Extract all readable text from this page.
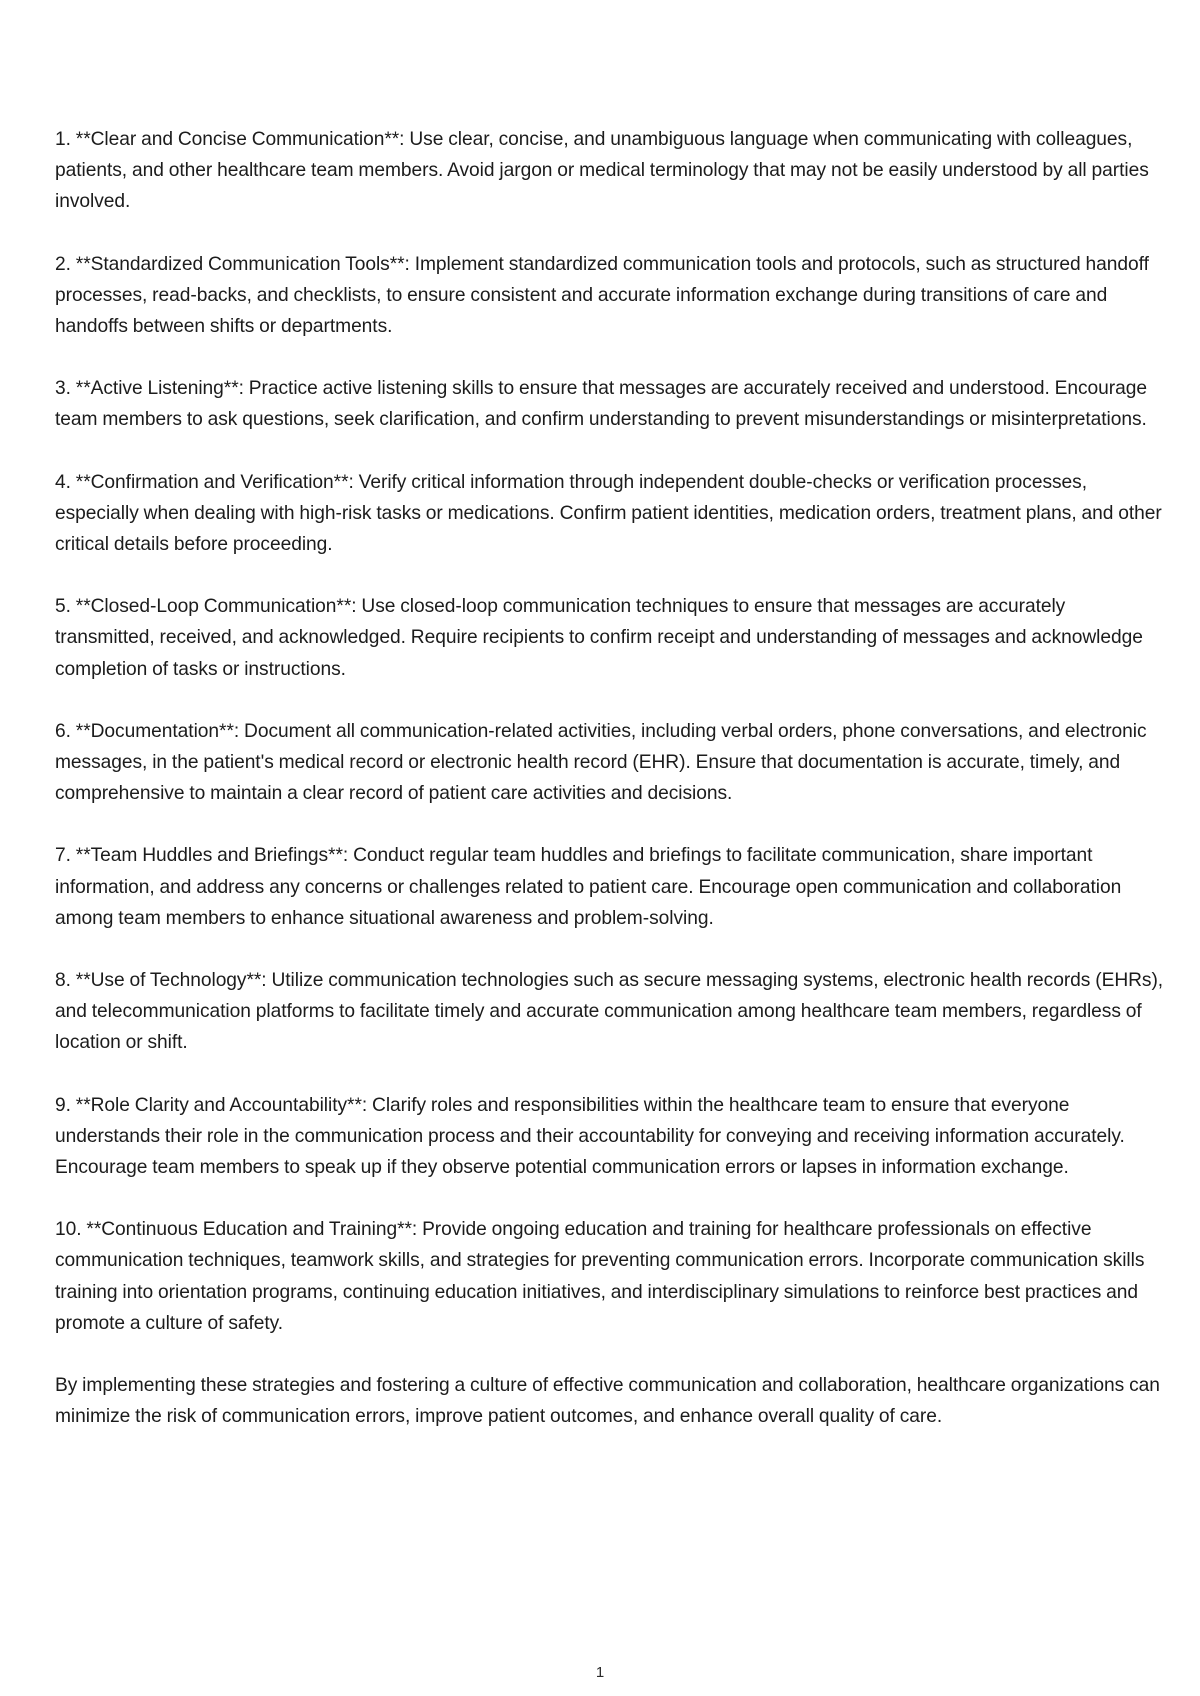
1. **Clear and Concise Communication**: Use clear, concise, and unambiguous language when communicating with colleagues, patients, and other healthcare team members. Avoid jargon or medical terminology that may not be easily understood by all parties involved.

2. **Standardized Communication Tools**: Implement standardized communication tools and protocols, such as structured handoff processes, read-backs, and checklists, to ensure consistent and accurate information exchange during transitions of care and handoffs between shifts or departments.

3. **Active Listening**: Practice active listening skills to ensure that messages are accurately received and understood. Encourage team members to ask questions, seek clarification, and confirm understanding to prevent misunderstandings or misinterpretations.

4. **Confirmation and Verification**: Verify critical information through independent double-checks or verification processes, especially when dealing with high-risk tasks or medications. Confirm patient identities, medication orders, treatment plans, and other critical details before proceeding.

5. **Closed-Loop Communication**: Use closed-loop communication techniques to ensure that messages are accurately transmitted, received, and acknowledged. Require recipients to confirm receipt and understanding of messages and acknowledge completion of tasks or instructions.

6. **Documentation**: Document all communication-related activities, including verbal orders, phone conversations, and electronic messages, in the patient's medical record or electronic health record (EHR). Ensure that documentation is accurate, timely, and comprehensive to maintain a clear record of patient care activities and decisions.

7. **Team Huddles and Briefings**: Conduct regular team huddles and briefings to facilitate communication, share important information, and address any concerns or challenges related to patient care. Encourage open communication and collaboration among team members to enhance situational awareness and problem-solving.

8. **Use of Technology**: Utilize communication technologies such as secure messaging systems, electronic health records (EHRs), and telecommunication platforms to facilitate timely and accurate communication among healthcare team members, regardless of location or shift.

9. **Role Clarity and Accountability**: Clarify roles and responsibilities within the healthcare team to ensure that everyone understands their role in the communication process and their accountability for conveying and receiving information accurately. Encourage team members to speak up if they observe potential communication errors or lapses in information exchange.

10. **Continuous Education and Training**: Provide ongoing education and training for healthcare professionals on effective communication techniques, teamwork skills, and strategies for preventing communication errors. Incorporate communication skills training into orientation programs, continuing education initiatives, and interdisciplinary simulations to reinforce best practices and promote a culture of safety.

By implementing these strategies and fostering a culture of effective communication and collaboration, healthcare organizations can minimize the risk of communication errors, improve patient outcomes, and enhance overall quality of care.

1
